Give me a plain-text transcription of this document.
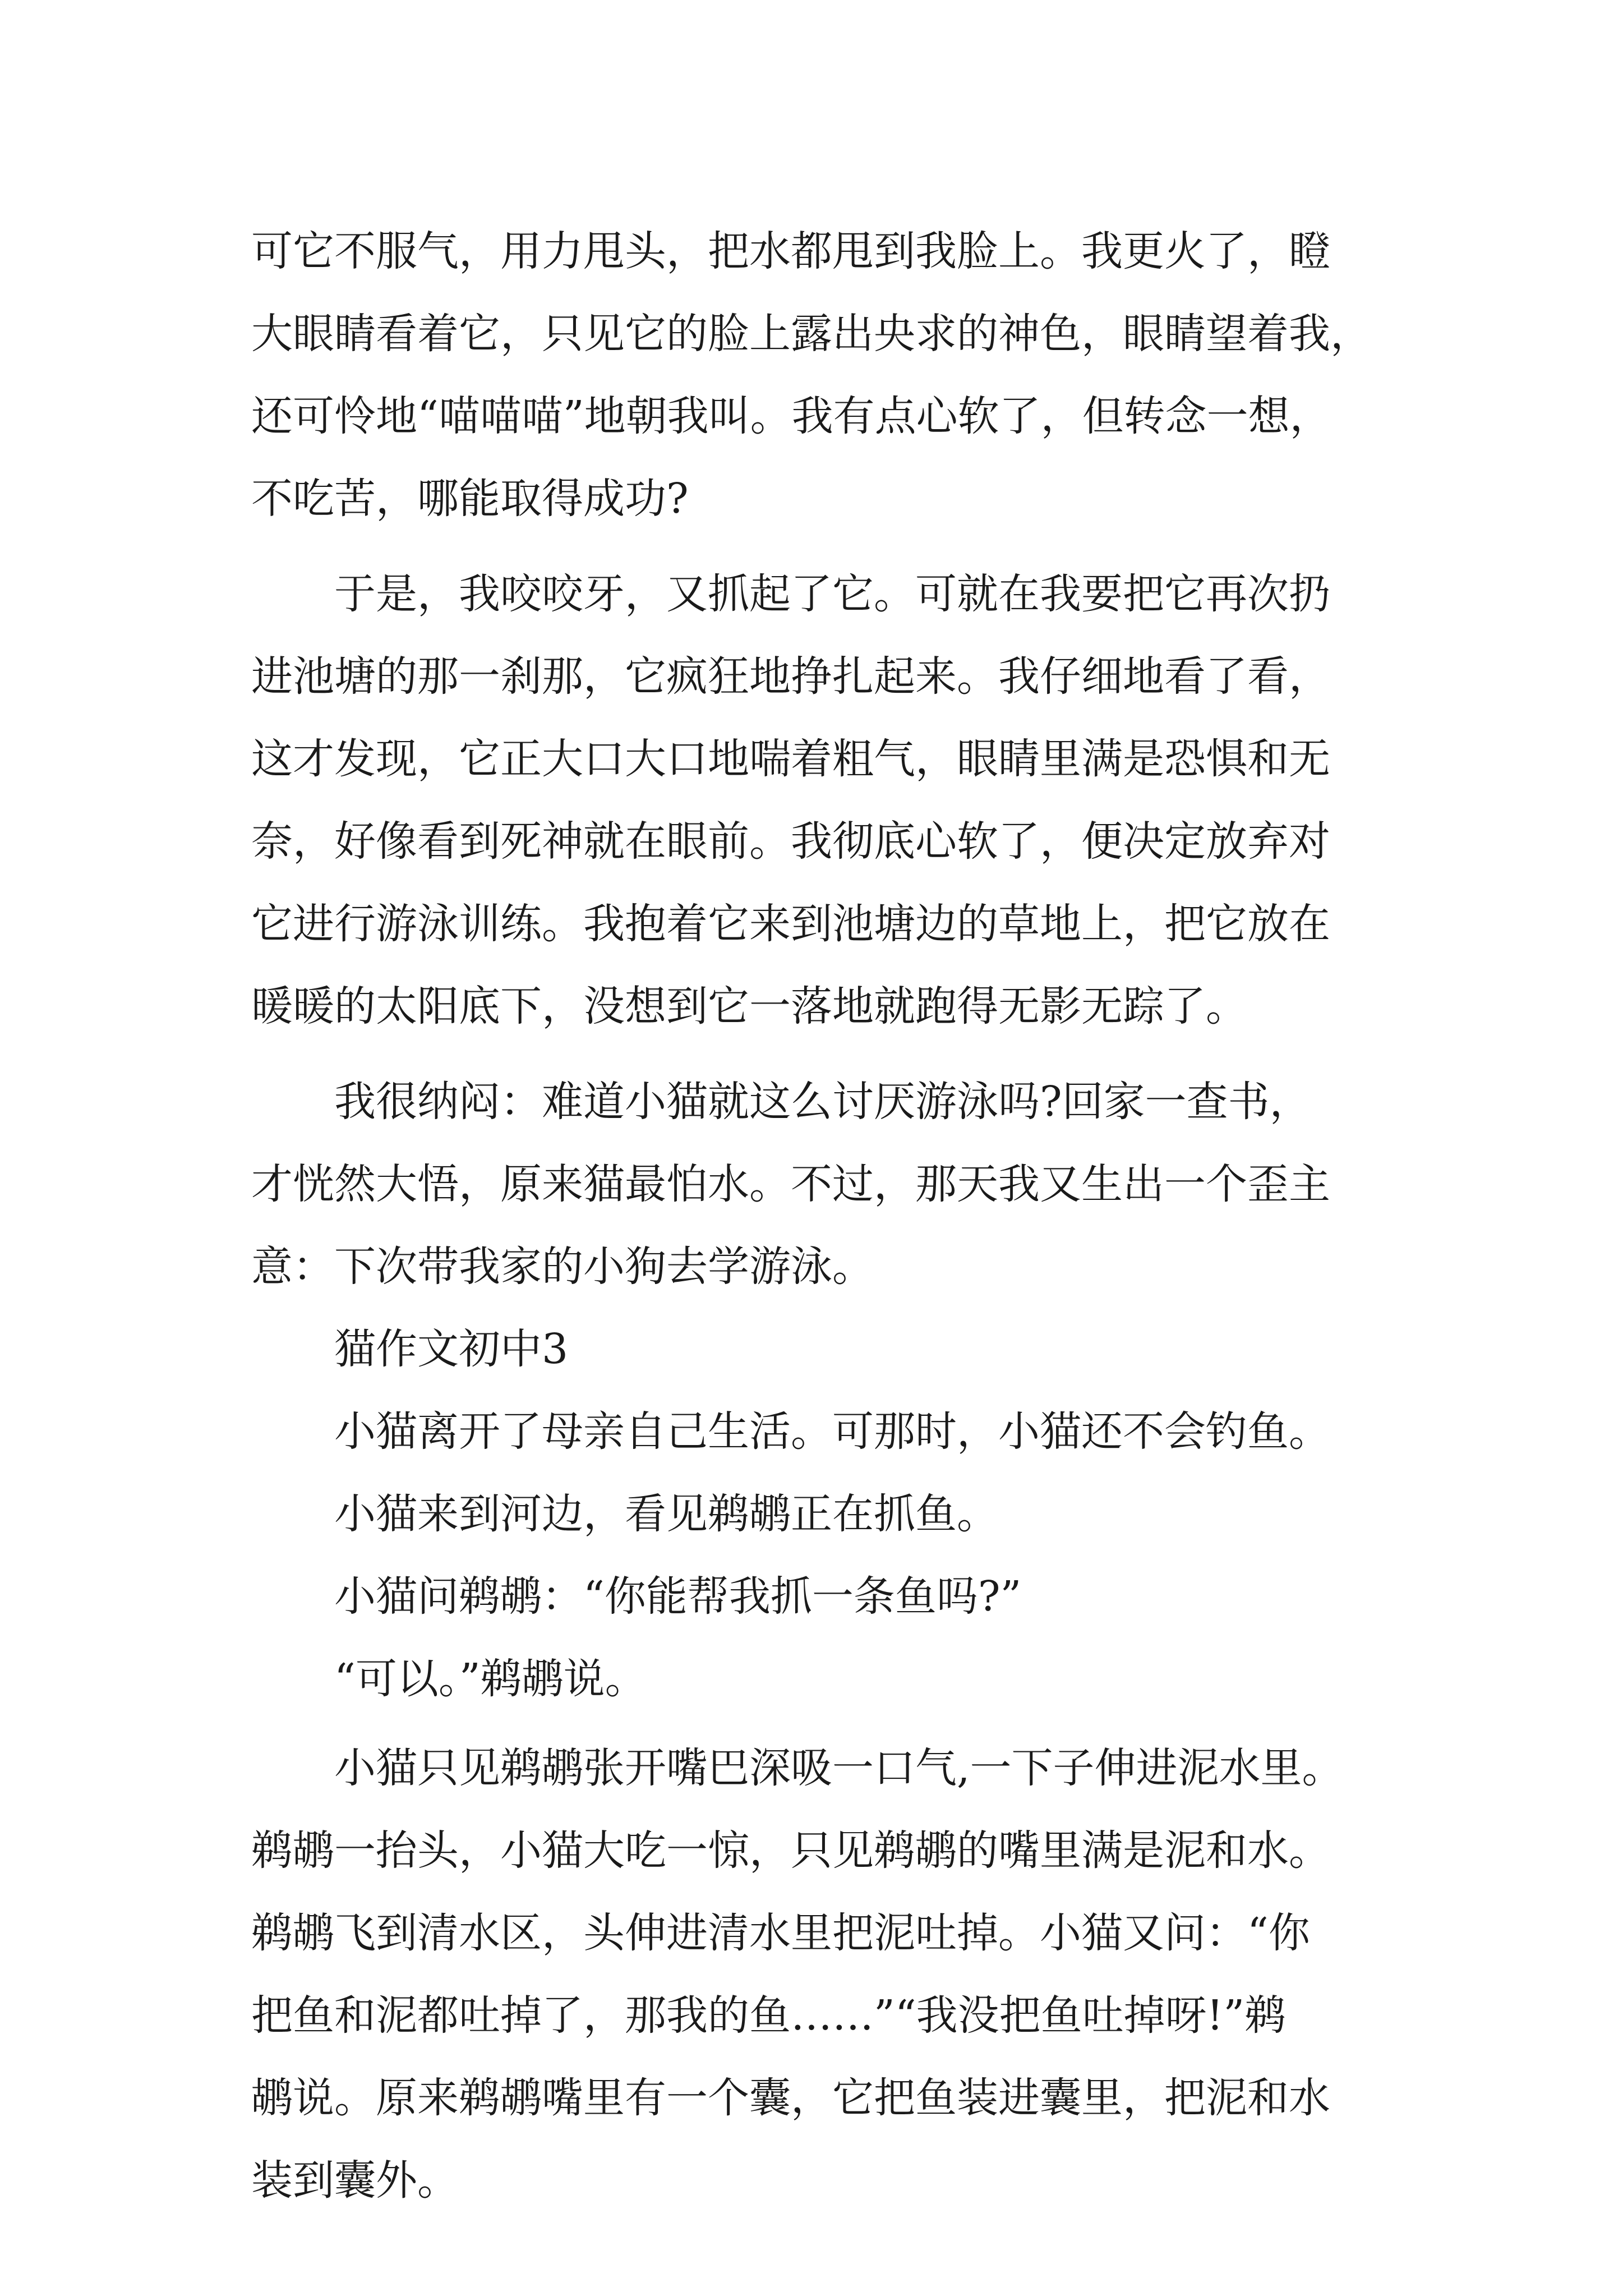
可它不服气，用力甩头，把水都甩到我脸上。我更火了，瞪
大眼睛看着它，只见它的脸上露出央求的神色，眼睛望着我，
还可怜地“喵喵喵”地朝我叫。我有点心软了，但转念一想，
不吃苦，哪能取得成功?
于是，我咬咬牙，又抓起了它。可就在我要把它再次扔
进池塘的那一刹那，它疯狂地挣扎起来。我仔细地看了看，
这才发现，它正大口大口地喘着粗气，眼睛里满是恐惧和无
奈，好像看到死神就在眼前。我彻底心软了，便决定放弃对
它进行游泳训练。我抱着它来到池塘边的草地上，把它放在
暖暖的太阳底下，没想到它一落地就跑得无影无踪了。
我很纳闷：难道小猫就这么讨厌游泳吗?回家一查书，
才恍然大悟，原来猫最怕水。不过，那天我又生出一个歪主
意：下次带我家的小狗去学游泳。
猫作文初中3
小猫离开了母亲自己生活。可那时，小猫还不会钓鱼。
小猫来到河边，看见鹈鹕正在抓鱼。
小猫问鹈鹕：“你能帮我抓一条鱼吗?”
“可以。”鹈鹕说。
小猫只见鹈鹕张开嘴巴深吸一口气,一下子伸进泥水里。
鹈鹕一抬头，小猫大吃一惊，只见鹈鹕的嘴里满是泥和水。
鹈鹕飞到清水区，头伸进清水里把泥吐掉。小猫又问：“你
把鱼和泥都吐掉了，那我的鱼……”“我没把鱼吐掉呀!”鹈
鹕说。原来鹈鹕嘴里有一个囊，它把鱼装进囊里，把泥和水
装到囊外。
